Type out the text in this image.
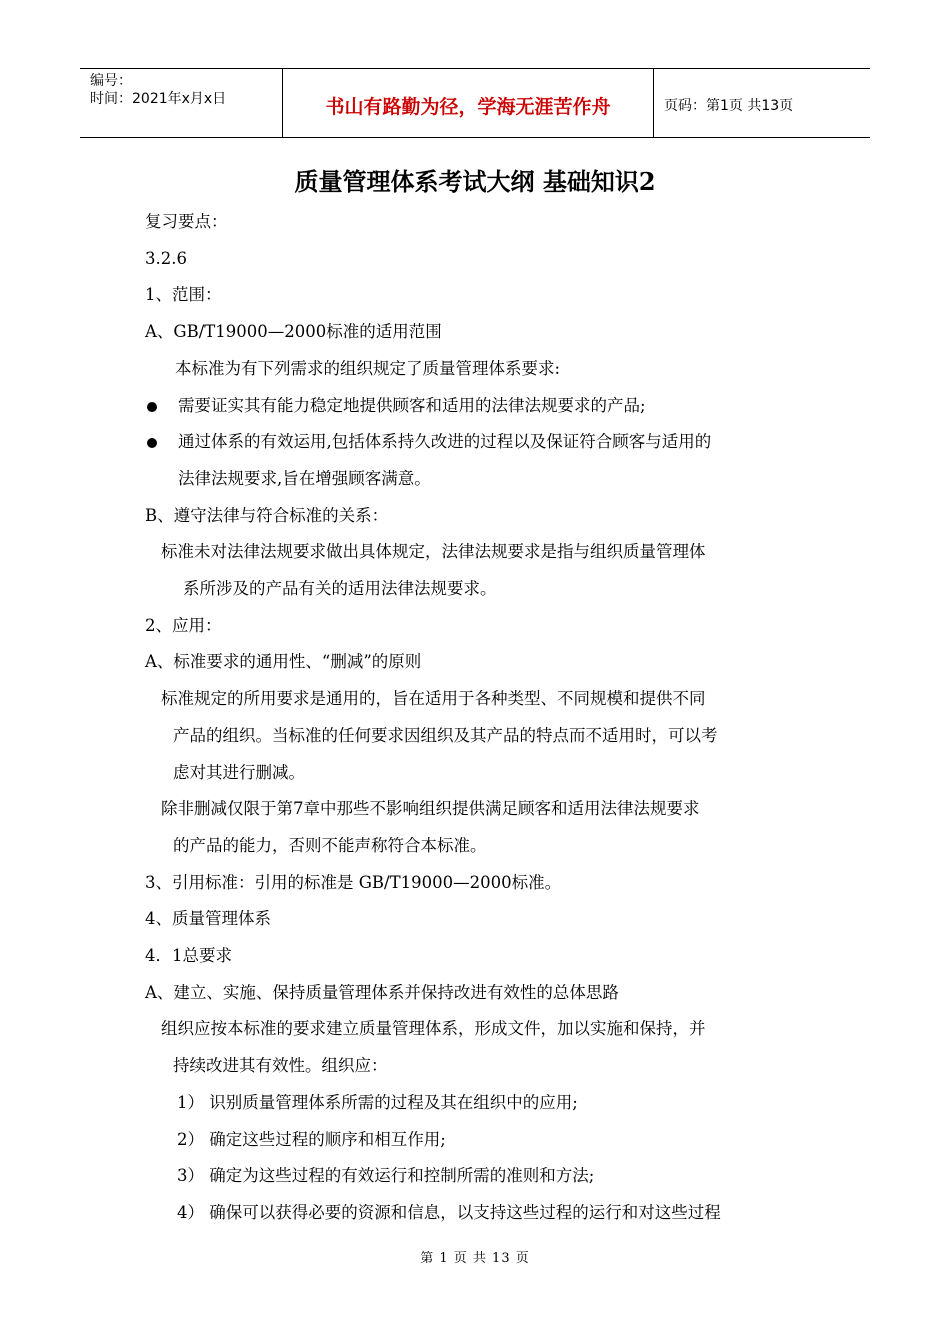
编号：
时间：2021年x月x日	书山有路勤为径，学海无涯苦作舟	页码：第1页 共13页
质量管理体系考试大纲 基础知识2
复习要点：
3.2.6
1、范围：
A、GB/T19000—2000标准的适用范围
本标准为有下列需求的组织规定了质量管理体系要求:
需要证实其有能力稳定地提供顾客和适用的法律法规要求的产品;
通过体系的有效运用,包括体系持久改进的过程以及保证符合顾客与适用的
法律法规要求,旨在增强顾客满意。
B、遵守法律与符合标准的关系：
标准未对法律法规要求做出具体规定，法律法规要求是指与组织质量管理体
系所涉及的产品有关的适用法律法规要求。
2、应用：
A、标准要求的通用性、“删减”的原则
标准规定的所用要求是通用的，旨在适用于各种类型、不同规模和提供不同
产品的组织。当标准的任何要求因组织及其产品的特点而不适用时，可以考
虑对其进行删减。
除非删减仅限于第7章中那些不影响组织提供满足顾客和适用法律法规要求
的产品的能力，否则不能声称符合本标准。
3、引用标准：引用的标准是 GB/T19000—2000标准。
4、质量管理体系
4．1总要求
A、建立、实施、保持质量管理体系并保持改进有效性的总体思路
组织应按本标准的要求建立质量管理体系，形成文件，加以实施和保持，并
持续改进其有效性。组织应：
1） 识别质量管理体系所需的过程及其在组织中的应用;
2） 确定这些过程的顺序和相互作用;
3） 确定为这些过程的有效运行和控制所需的准则和方法;
4） 确保可以获得必要的资源和信息，以支持这些过程的运行和对这些过程
第 1 页 共 13 页
